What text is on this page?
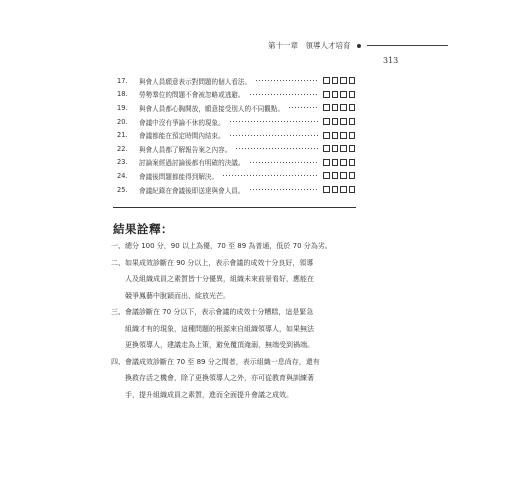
第十一章　領導人才培育
313
17.	與會人員願意表示對問題的個人看法。
18.	勞勢羣位的問題不會被忽略或逃避。
19.	與會人員都心胸開放，願意接受別人的不同觀點。
20.	會議中沒有爭論不休的現象。
21.	會議都能在預定時間內結束。
22.	與會人員都了解報告案之內容。
23.	討論案經過討論後都有明確的決議。
24.	會議後問題都能得到解決。
25.	會議紀錄在會議後即送達與會人員。
結果詮釋：
一、 總分 100 分，90 以上為優，70 至 89 為普通，低於 70 分為劣。
二、 如果成效診斷在 90 分以上，表示會議的成效十分良好，領導
人及組織成員之素質皆十分優異，組織未來前景看好，應能在
競爭鳳藝中脫穎而出、綻放光芒。
三、 會議診斷在 70 分以下，表示會議的成效十分糟糕，這是緊急
組織才有的現象，這種問題的根源來自組織領導人，如果無法
更換領導人，建議走為上策，避免覆頂淹溺，無端受到禍端。
四、 會議成效診斷在 70 至 89 分之間者，表示組織一息尚存，還有
換救存活之機會，除了更換領導人之外，亦可從教育與訓練著
手，提升組織成員之素質，進而全面提升會議之成效。
